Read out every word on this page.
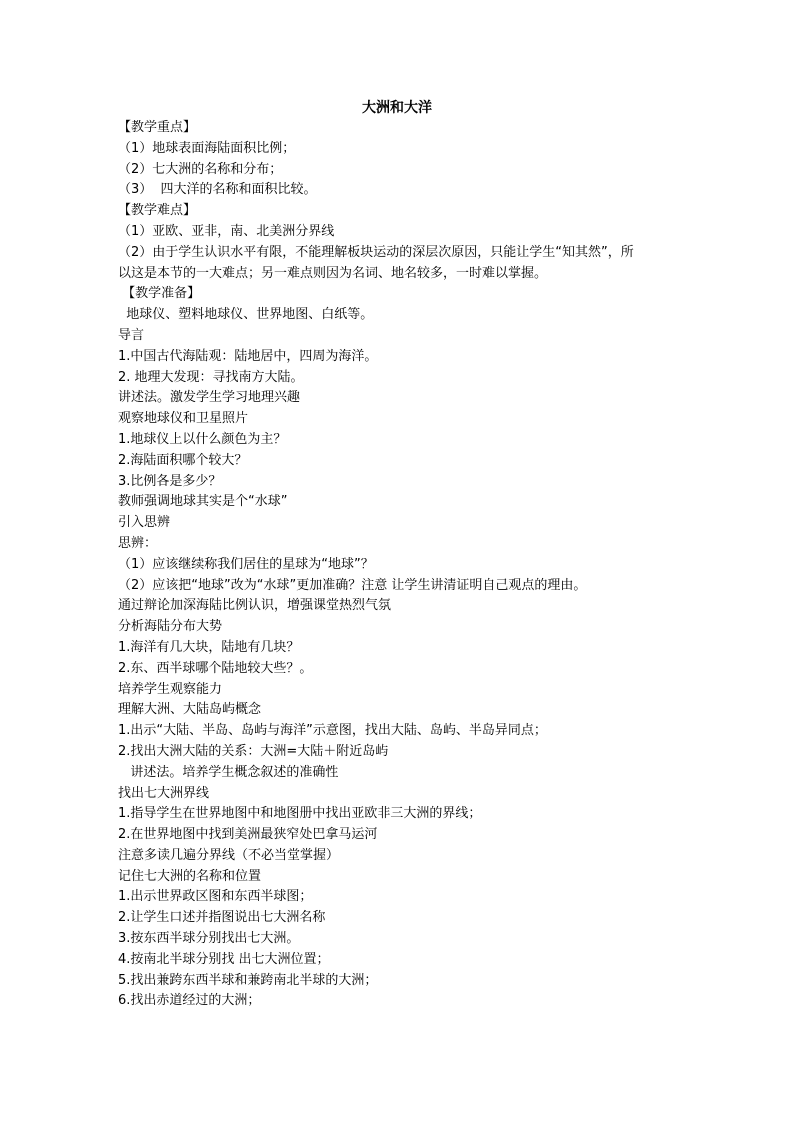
大洲和大洋
【教学重点】
（1）地球表面海陆面积比例；
（2）七大洲的名称和分布；
（3）  四大洋的名称和面积比较。
【教学难点】
（1）亚欧、亚非，南、北美洲分界线
（2）由于学生认识水平有限，不能理解板块运动的深层次原因，只能让学生“知其然”，所
以这是本节的一大难点；另一难点则因为名词、地名较多，一时难以掌握。
【教学准备】
地球仪、塑料地球仪、世界地图、白纸等。
导言
1.中国古代海陆观：陆地居中，四周为海洋。
2. 地理大发现：寻找南方大陆。
讲述法。激发学生学习地理兴趣
观察地球仪和卫星照片
1.地球仪上以什么颜色为主？
2.海陆面积哪个较大？
3.比例各是多少？
教师强调地球其实是个“水球”
引入思辨
思辨：
（1）应该继续称我们居住的星球为“地球”？
（2）应该把“地球”改为“水球”更加准确？注意 让学生讲清证明自己观点的理由。
通过辩论加深海陆比例认识，增强课堂热烈气氛
分析海陆分布大势
1.海洋有几大块，陆地有几块？
2.东、西半球哪个陆地较大些？。
培养学生观察能力
理解大洲、大陆岛屿概念
1.出示“大陆、半岛、岛屿与海洋”示意图，找出大陆、岛屿、半岛异同点；
2.找出大洲大陆的关系：大洲=大陆＋附近岛屿
讲述法。培养学生概念叙述的准确性
找出七大洲界线
1.指导学生在世界地图中和地图册中找出亚欧非三大洲的界线；
2.在世界地图中找到美洲最狭窄处巴拿马运河
注意多读几遍分界线（不必当堂掌握）
记住七大洲的名称和位置
1.出示世界政区图和东西半球图；
2.让学生口述并指图说出七大洲名称
3.按东西半球分别找出七大洲。
4.按南北半球分别找 出七大洲位置；
5.找出兼跨东西半球和兼跨南北半球的大洲；
6.找出赤道经过的大洲；
